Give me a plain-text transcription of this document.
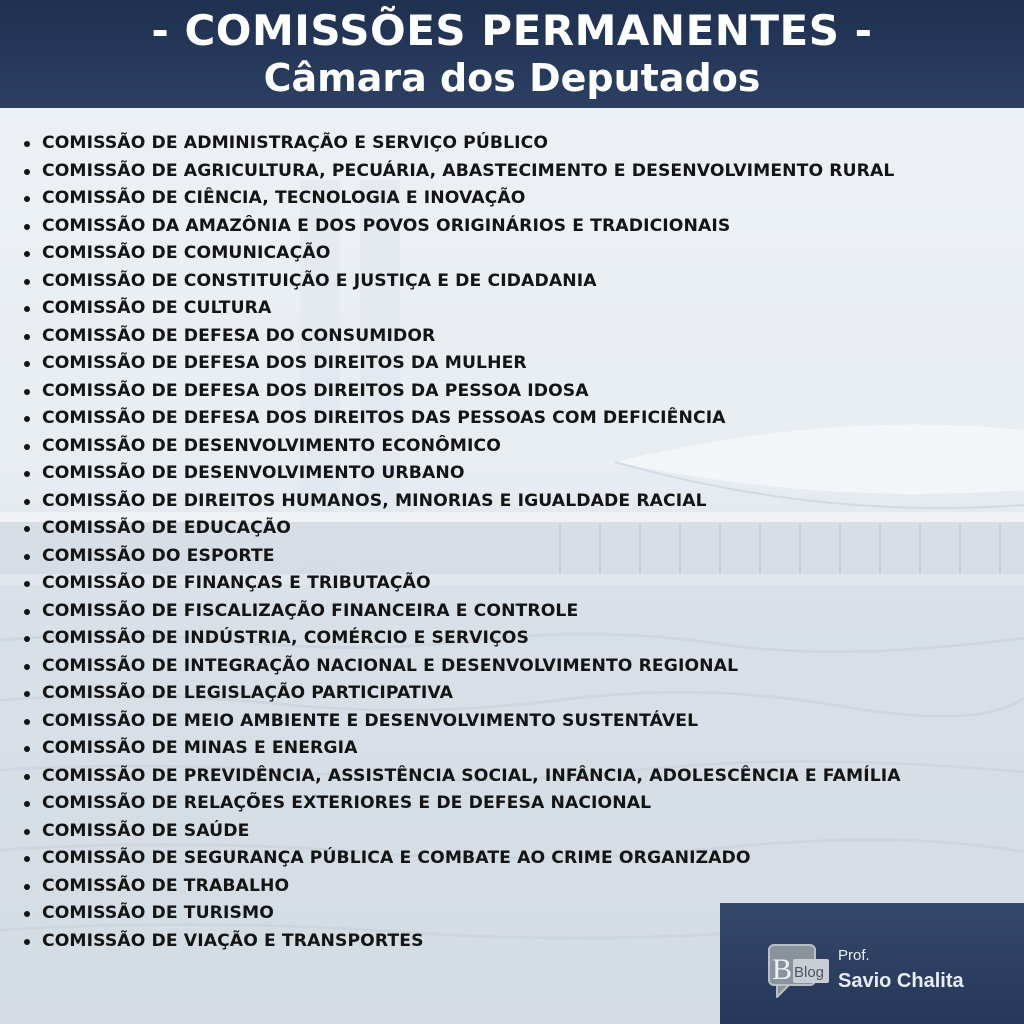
- COMISSÕES PERMANENTES -
Câmara dos Deputados
COMISSÃO DE ADMINISTRAÇÃO E SERVIÇO PÚBLICO
COMISSÃO DE AGRICULTURA, PECUÁRIA, ABASTECIMENTO E DESENVOLVIMENTO RURAL
COMISSÃO DE CIÊNCIA, TECNOLOGIA E INOVAÇÃO
COMISSÃO DA AMAZÔNIA E DOS POVOS ORIGINÁRIOS E TRADICIONAIS
COMISSÃO DE COMUNICAÇÃO
COMISSÃO DE CONSTITUIÇÃO E JUSTIÇA E DE CIDADANIA
COMISSÃO DE CULTURA
COMISSÃO DE DEFESA DO CONSUMIDOR
COMISSÃO DE DEFESA DOS DIREITOS DA MULHER
COMISSÃO DE DEFESA DOS DIREITOS DA PESSOA IDOSA
COMISSÃO DE DEFESA DOS DIREITOS DAS PESSOAS COM DEFICIÊNCIA
COMISSÃO DE DESENVOLVIMENTO ECONÔMICO
COMISSÃO DE DESENVOLVIMENTO URBANO
COMISSÃO DE DIREITOS HUMANOS, MINORIAS E IGUALDADE RACIAL
COMISSÃO DE EDUCAÇÃO
COMISSÃO DO ESPORTE
COMISSÃO DE FINANÇAS E TRIBUTAÇÃO
COMISSÃO DE FISCALIZAÇÃO FINANCEIRA E CONTROLE
COMISSÃO DE INDÚSTRIA, COMÉRCIO E SERVIÇOS
COMISSÃO DE INTEGRAÇÃO NACIONAL E DESENVOLVIMENTO REGIONAL
COMISSÃO DE LEGISLAÇÃO PARTICIPATIVA
COMISSÃO DE MEIO AMBIENTE E DESENVOLVIMENTO SUSTENTÁVEL
COMISSÃO DE MINAS E ENERGIA
COMISSÃO DE PREVIDÊNCIA, ASSISTÊNCIA SOCIAL, INFÂNCIA, ADOLESCÊNCIA E FAMÍLIA
COMISSÃO DE RELAÇÕES EXTERIORES E DE DEFESA NACIONAL
COMISSÃO DE SAÚDE
COMISSÃO DE SEGURANÇA PÚBLICA E COMBATE AO CRIME ORGANIZADO
COMISSÃO DE TRABALHO
COMISSÃO DE TURISMO
COMISSÃO DE VIAÇÃO E TRANSPORTES
B Blog
Prof.
Savio Chalita
